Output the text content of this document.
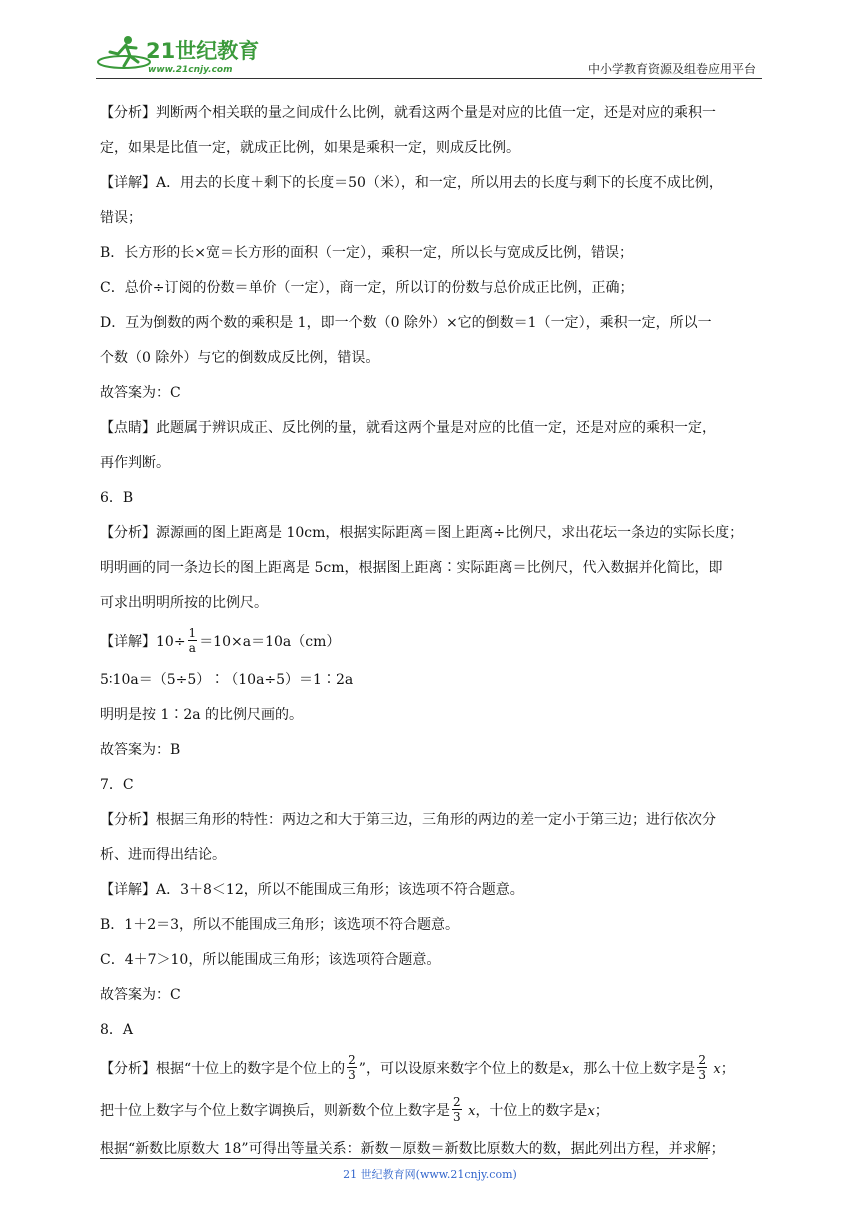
21世纪教育
www.21cnjy.com	中小学教育资源及组卷应用平台
【分析】判断两个相关联的量之间成什么比例，就看这两个量是对应的比值一定，还是对应的乘积一
定，如果是比值一定，就成正比例，如果是乘积一定，则成反比例。
【详解】A．用去的长度＋剩下的长度＝50（米），和一定，所以用去的长度与剩下的长度不成比例，
错误；
B．长方形的长×宽＝长方形的面积（一定），乘积一定，所以长与宽成反比例，错误；
C．总价÷订阅的份数＝单价（一定），商一定，所以订的份数与总价成正比例，正确；
D．互为倒数的两个数的乘积是 1，即一个数（0 除外）×它的倒数＝1（一定），乘积一定，所以一
个数（0 除外）与它的倒数成反比例，错误。
故答案为：C
【点睛】此题属于辨识成正、反比例的量，就看这两个量是对应的比值一定，还是对应的乘积一定，
再作判断。
6．B
【分析】源源画的图上距离是 10cm，根据实际距离＝图上距离÷比例尺，求出花坛一条边的实际长度；
明明画的同一条边长的图上距离是 5cm，根据图上距离∶实际距离＝比例尺，代入数据并化简比，即
可求出明明所按的比例尺。
【详解】$10\div \frac{1}{a} =10\times a=10a(cm)$
5∶10a＝（5÷5）∶（10a÷5）＝1∶2a
明明是按 1∶2a 的比例尺画的。
故答案为：B
7．C
【分析】根据三角形的特性：两边之和大于第三边，三角形的两边的差一定小于第三边；进行依次分
析、进而得出结论。
【详解】A．3＋8＜12，所以不能围成三角形；该选项不符合题意。
B．1＋2＝3，所以不能围成三角形；该选项不符合题意。
C．4＋7＞10，所以能围成三角形；该选项符合题意。
故答案为：C
8．A
【分析】根据“十位上的数字是个位上的 $\frac{2}{3}$ ”，可以设原来数字个位上的数是x，那么十位上数字是 $\frac{2}{3}$ x；
把十位上数字与个位上数字调换后，则新数个位上数字是 $\frac{2}{3}$ x，十位上的数字是x；
根据“新数比原数大 18”可得出等量关系：新数－原数＝新数比原数大的数，据此列出方程，并求解；
21 世纪教育网(www.21cnjy.com)
